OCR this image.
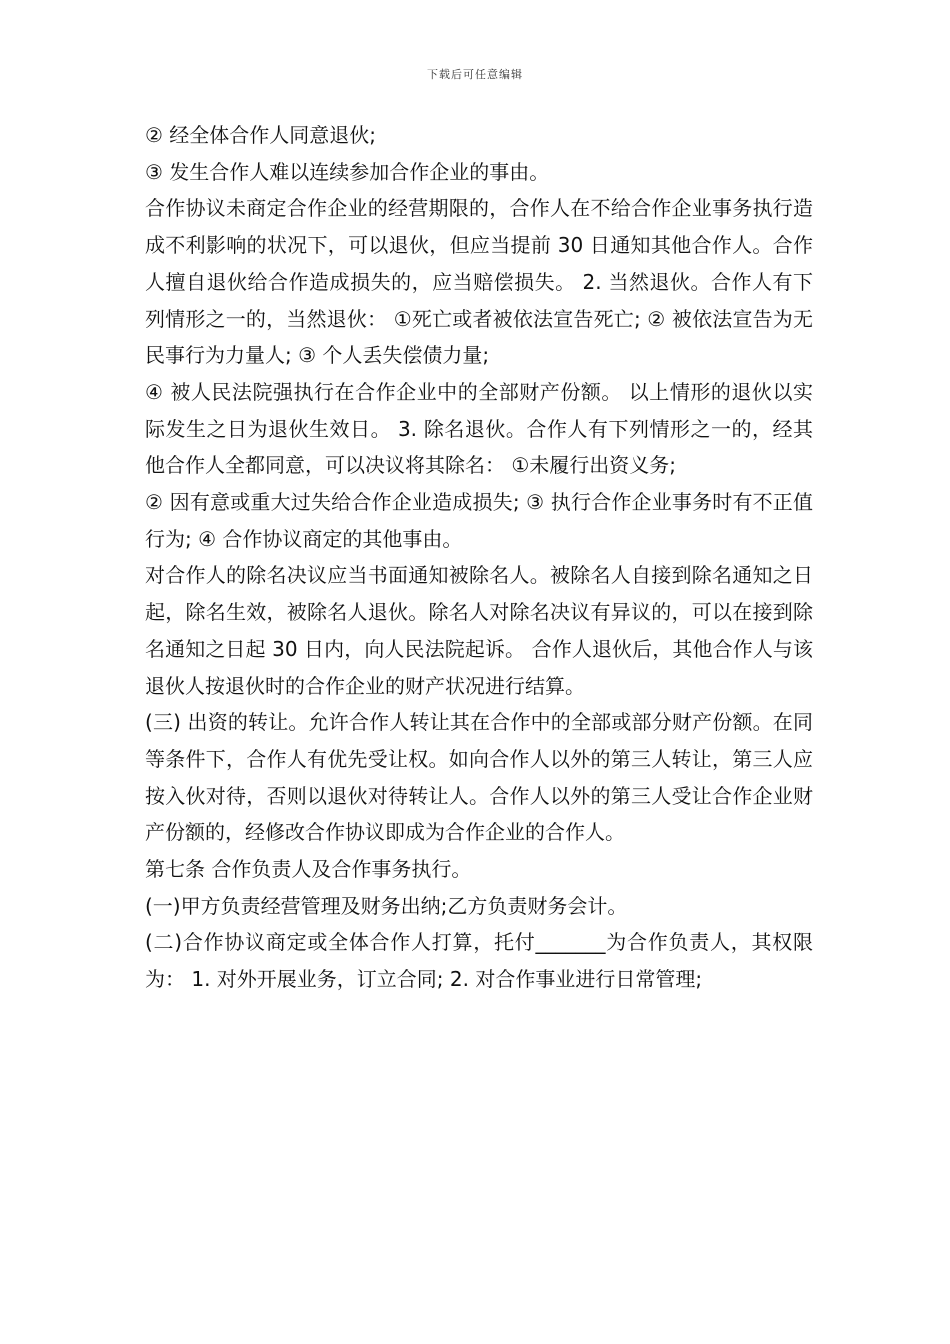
下载后可任意编辑

② 经全体合作人同意退伙;

③ 发生合作人难以连续参加合作企业的事由。

合作协议未商定合作企业的经营期限的，合作人在不给合作企业事务执行造成不利影响的状况下，可以退伙，但应当提前 30 日通知其他合作人。合作人擅自退伙给合作造成损失的，应当赔偿损失。 2. 当然退伙。合作人有下列情形之一的，当然退伙： ①死亡或者被依法宣告死亡; ② 被依法宣告为无民事行为力量人; ③ 个人丢失偿债力量;

④ 被人民法院强执行在合作企业中的全部财产份额。 以上情形的退伙以实际发生之日为退伙生效日。 3. 除名退伙。合作人有下列情形之一的，经其他合作人全都同意，可以决议将其除名： ①未履行出资义务;

② 因有意或重大过失给合作企业造成损失; ③ 执行合作企业事务时有不正值行为; ④ 合作协议商定的其他事由。

对合作人的除名决议应当书面通知被除名人。被除名人自接到除名通知之日起，除名生效，被除名人退伙。除名人对除名决议有异议的，可以在接到除名通知之日起 30 日内，向人民法院起诉。 合作人退伙后，其他合作人与该退伙人按退伙时的合作企业的财产状况进行结算。

(三) 出资的转让。允许合作人转让其在合作中的全部或部分财产份额。在同等条件下，合作人有优先受让权。如向合作人以外的第三人转让，第三人应按入伙对待，否则以退伙对待转让人。合作人以外的第三人受让合作企业财产份额的，经修改合作协议即成为合作企业的合作人。

第七条 合作负责人及合作事务执行。

(一)甲方负责经营管理及财务出纳;乙方负责财务会计。

(二)合作协议商定或全体合作人打算，托付_______为合作负责人，其权限为： 1. 对外开展业务，订立合同; 2. 对合作事业进行日常管理;
